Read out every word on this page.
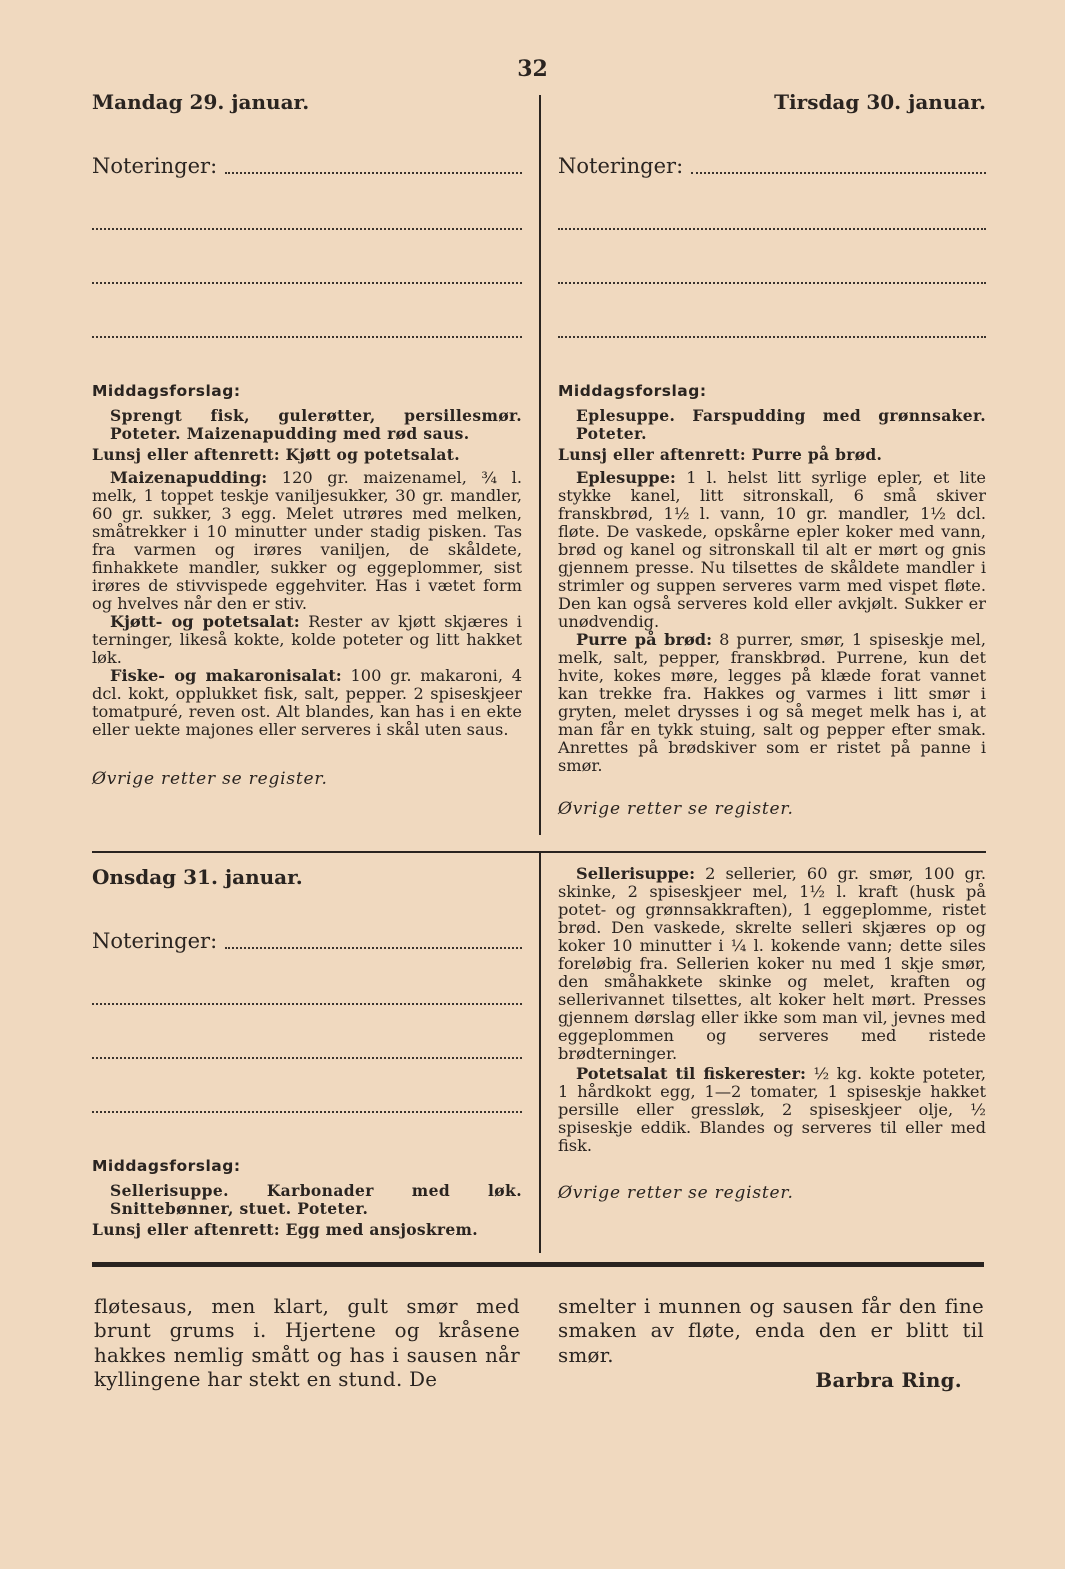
32
Mandag 29. januar.
Noteringer:

Middagsforslag:

Sprengt fisk, gulerøtter, persillesmør. Poteter. Maizenapudding med rød saus.

Lunsj eller aftenrett: Kjøtt og potetsalat.

Maizenapudding: 120 gr. maizenamel, ¾ l. melk, 1 toppet teskje vaniljesukker, 30 gr. mandler, 60 gr. sukker, 3 egg. Melet utrøres med melken, småtrekker i 10 minutter under stadig pisken. Tas fra varmen og irøres vaniljen, de skåldete, finhakkete mandler, sukker og eggeplommer, sist irøres de stivvispede eggehviter. Has i vætet form og hvelves når den er stiv.

Kjøtt- og potetsalat: Rester av kjøtt skjæres i terninger, likeså kokte, kolde poteter og litt hakket løk.

Fiske- og makaronisalat: 100 gr. makaroni, 4 dcl. kokt, opplukket fisk, salt, pepper. 2 spiseskjeer tomatpuré, reven ost. Alt blandes, kan has i en ekte eller uekte majones eller serveres i skål uten saus.

Øvrige retter se register.

Tirsdag 30. januar.
Noteringer:

Middagsforslag:

Eplesuppe. Farspudding med grønnsaker. Poteter.

Lunsj eller aftenrett: Purre på brød.

Eplesuppe: 1 l. helst litt syrlige epler, et lite stykke kanel, litt sitronskall, 6 små skiver franskbrød, 1½ l. vann, 10 gr. mandler, 1½ dcl. fløte. De vaskede, opskårne epler koker med vann, brød og kanel og sitronskall til alt er mørt og gnis gjennem presse. Nu tilsettes de skåldete mandler i strimler og suppen serveres varm med vispet fløte. Den kan også serveres kold eller avkjølt. Sukker er unødvendig.

Purre på brød: 8 purrer, smør, 1 spiseskje mel, melk, salt, pepper, franskbrød. Purrene, kun det hvite, kokes møre, legges på klæde forat vannet kan trekke fra. Hakkes og varmes i litt smør i gryten, melet drysses i og så meget melk has i, at man får en tykk stuing, salt og pepper efter smak. Anrettes på brødskiver som er ristet på panne i smør.

Øvrige retter se register.

Onsdag 31. januar.
Noteringer:

Middagsforslag:

Sellerisuppe. Karbonader med løk. Snittebønner, stuet. Poteter.

Lunsj eller aftenrett: Egg med ansjoskrem.

Sellerisuppe: 2 sellerier, 60 gr. smør, 100 gr. skinke, 2 spiseskjeer mel, 1½ l. kraft (husk på potet- og grønnsakkraften), 1 eggeplomme, ristet brød. Den vaskede, skrelte selleri skjæres op og koker 10 minutter i ¼ l. kokende vann; dette siles foreløbig fra. Sellerien koker nu med 1 skje smør, den småhakkete skinke og melet, kraften og sellerivannet tilsettes, alt koker helt mørt. Presses gjennem dørslag eller ikke som man vil, jevnes med eggeplommen og serveres med ristede brødterninger.

Potetsalat til fiskerester: ½ kg. kokte poteter, 1 hårdkokt egg, 1—2 tomater, 1 spiseskje hakket persille eller gressløk, 2 spiseskjeer olje, ½ spiseskje eddik. Blandes og serveres til eller med fisk.

Øvrige retter se register.

fløtesaus, men klart, gult smør med brunt grums i. Hjertene og kråsene hakkes nemlig smått og has i sausen når kyllingene har stekt en stund. De
smelter i munnen og sausen får den fine smaken av fløte, enda den er blitt til smør.
Barbra Ring.
